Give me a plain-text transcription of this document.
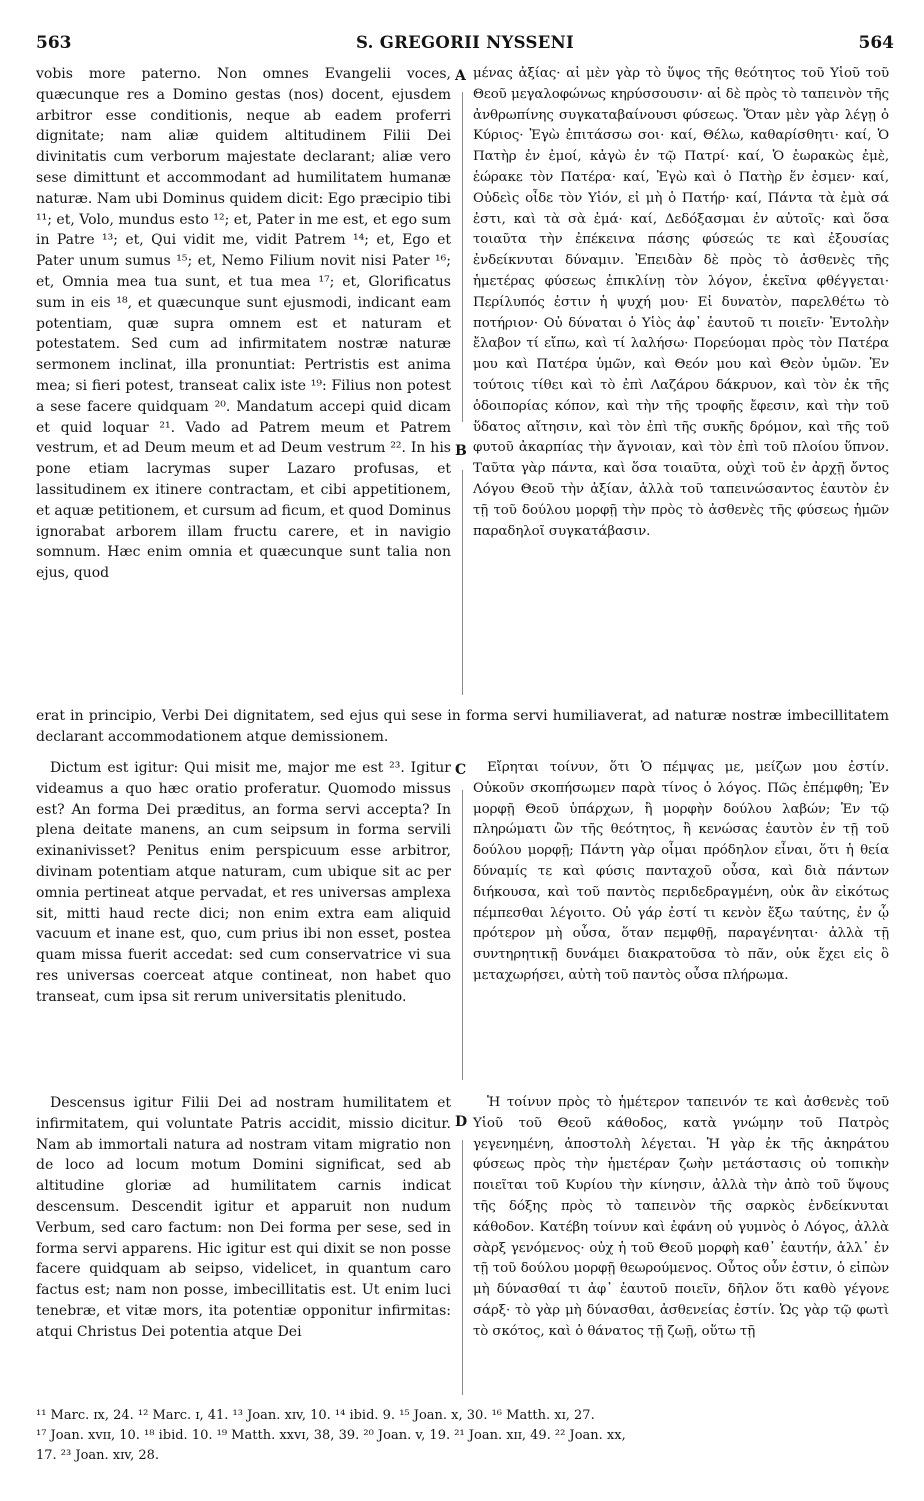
563	S. GREGORII NYSSENI	564

vobis more paterno. Non omnes Evangelii voces, quæcunque res a Domino gestas (nos) docent, ejusdem arbitror esse conditionis, neque ab eadem proferri dignitate; nam aliæ quidem altitudinem Filii Dei divinitatis cum verborum majestate declarant; aliæ vero sese dimittunt et accommodant ad humilitatem humanæ naturæ. Nam ubi Dominus quidem dicit: Ego præcipio tibi ¹¹; et, Volo, mundus esto ¹²; et, Pater in me est, et ego sum in Patre ¹³; et, Qui vidit me, vidit Patrem ¹⁴; et, Ego et Pater unum sumus ¹⁵; et, Nemo Filium novit nisi Pater ¹⁶; et, Omnia mea tua sunt, et tua mea ¹⁷; et, Glorificatus sum in eis ¹⁸, et quæcunque sunt ejusmodi, indicant eam potentiam, quæ supra omnem est et naturam et potestatem. Sed cum ad infirmitatem nostræ naturæ sermonem inclinat, illa pronuntiat: Pertristis est anima mea; si fieri potest, transeat calix iste ¹⁹: Filius non potest a sese facere quidquam ²⁰. Mandatum accepi quid dicam et quid loquar ²¹. Vado ad Patrem meum et Patrem vestrum, et ad Deum meum et ad Deum vestrum ²². In his pone etiam lacrymas super Lazaro profusas, et lassitudinem ex itinere contractam, et cibi appetitionem, et aquæ petitionem, et cursum ad ficum, et quod Dominus ignorabat arborem illam fructu carere, et in navigio somnum. Hæc enim omnia et quæcunque sunt talia non ejus, quod

μένας ἀξίας· αἱ μὲν γὰρ τὸ ὕψος τῆς θεότητος τοῦ Υἱοῦ τοῦ Θεοῦ μεγαλοφώνως κηρύσσουσιν· αἱ δὲ πρὸς τὸ ταπεινὸν τῆς ἀνθρωπίνης συγκαταβαίνουσι φύσεως. Ὅταν μὲν γὰρ λέγῃ ὁ Κύριος· Ἐγὼ ἐπιτάσσω σοι· καί, Θέλω, καθαρίσθητι· καί, Ὁ Πατὴρ ἐν ἐμοί, κἀγὼ ἐν τῷ Πατρί· καί, Ὁ ἑωρακὼς ἐμὲ, ἑώρακε τὸν Πατέρα· καί, Ἐγὼ καὶ ὁ Πατὴρ ἕν ἐσμεν· καί, Οὐδεὶς οἶδε τὸν Υἱόν, εἰ μὴ ὁ Πατήρ· καί, Πάντα τὰ ἐμὰ σά ἐστι, καὶ τὰ σὰ ἐμά· καί, Δεδόξασμαι ἐν αὐτοῖς· καὶ ὅσα τοιαῦτα τὴν ἐπέκεινα πάσης φύσεώς τε καὶ ἐξουσίας ἐνδείκνυται δύναμιν. Ἐπειδὰν δὲ πρὸς τὸ ἀσθενὲς τῆς ἡμετέρας φύσεως ἐπικλίνῃ τὸν λόγον, ἐκεῖνα φθέγγεται· Περίλυπός ἐστιν ἡ ψυχή μου· Εἰ δυνατὸν, παρελθέτω τὸ ποτήριον· Οὐ δύναται ὁ Υἱὸς ἀφ᾽ ἑαυτοῦ τι ποιεῖν· Ἐντολὴν ἔλαβον τί εἴπω, καὶ τί λαλήσω· Πορεύομαι πρὸς τὸν Πατέρα μου καὶ Πατέρα ὑμῶν, καὶ Θεόν μου καὶ Θεὸν ὑμῶν. Ἐν τούτοις τίθει καὶ τὸ ἐπὶ Λαζάρου δάκρυον, καὶ τὸν ἐκ τῆς ὁδοιπορίας κόπον, καὶ τὴν τῆς τροφῆς ἔφεσιν, καὶ τὴν τοῦ ὕδατος αἴτησιν, καὶ τὸν ἐπὶ τῆς συκῆς δρόμον, καὶ τῆς τοῦ φυτοῦ ἀκαρπίας τὴν ἄγνοιαν, καὶ τὸν ἐπὶ τοῦ πλοίου ὕπνον. Ταῦτα γὰρ πάντα, καὶ ὅσα τοιαῦτα, οὐχὶ τοῦ ἐν ἀρχῇ ὄντος Λόγου Θεοῦ τὴν ἀξίαν, ἀλλὰ τοῦ ταπεινώσαντος ἑαυτὸν ἐν τῇ τοῦ δούλου μορφῇ τὴν πρὸς τὸ ἀσθενὲς τῆς φύσεως ἡμῶν παραδηλοῖ συγκατάβασιν.

erat in principio, Verbi Dei dignitatem, sed ejus qui sese in forma servi humiliaverat, ad naturæ nostræ imbecillitatem declarant accommodationem atque demissionem.

Dictum est igitur: Qui misit me, major me est ²³. Igitur videamus a quo hæc oratio proferatur. Quomodo missus est? An forma Dei præditus, an forma servi accepta? In plena deitate manens, an cum seipsum in forma servili exinanivisset? Penitus enim perspicuum esse arbitror, divinam potentiam atque naturam, cum ubique sit ac per omnia pertineat atque pervadat, et res universas amplexa sit, mitti haud recte dici; non enim extra eam aliquid vacuum et inane est, quo, cum prius ibi non esset, postea quam missa fuerit accedat: sed cum conservatrice vi sua res universas coerceat atque contineat, non habet quo transeat, cum ipsa sit rerum universitatis plenitudo.

Εἴρηται τοίνυν, ὅτι Ὁ πέμψας με, μείζων μου ἐστίν. Οὐκοῦν σκοπήσωμεν παρὰ τίνος ὁ λόγος. Πῶς ἐπέμφθη; Ἐν μορφῇ Θεοῦ ὑπάρχων, ἢ μορφὴν δούλου λαβών; Ἐν τῷ πληρώματι ὢν τῆς θεότητος, ἢ κενώσας ἑαυτὸν ἐν τῇ τοῦ δούλου μορφῇ; Πάντη γὰρ οἶμαι πρόδηλον εἶναι, ὅτι ἡ θεία δύναμίς τε καὶ φύσις πανταχοῦ οὖσα, καὶ διὰ πάντων διήκουσα, καὶ τοῦ παντὸς περιδεδραγμένη, οὐκ ἂν εἰκότως πέμπεσθαι λέγοιτο. Οὐ γάρ ἐστί τι κενὸν ἔξω ταύτης, ἐν ᾧ πρότερον μὴ οὖσα, ὅταν πεμφθῇ, παραγένηται· ἀλλὰ τῇ συντηρητικῇ δυνάμει διακρατοῦσα τὸ πᾶν, οὐκ ἔχει εἰς ὃ μεταχωρήσει, αὐτὴ τοῦ παντὸς οὖσα πλήρωμα.

Descensus igitur Filii Dei ad nostram humilitatem et infirmitatem, qui voluntate Patris accidit, missio dicitur. Nam ab immortali natura ad nostram vitam migratio non de loco ad locum motum Domini significat, sed ab altitudine gloriæ ad humilitatem carnis indicat descensum. Descendit igitur et apparuit non nudum Verbum, sed caro factum: non Dei forma per sese, sed in forma servi apparens. Hic igitur est qui dixit se non posse facere quidquam ab seipso, videlicet, in quantum caro factus est; nam non posse, imbecillitatis est. Ut enim luci tenebræ, et vitæ mors, ita potentiæ opponitur infirmitas: atqui Christus Dei potentia atque Dei

Ἡ τοίνυν πρὸς τὸ ἡμέτερον ταπεινόν τε καὶ ἀσθενὲς τοῦ Υἱοῦ τοῦ Θεοῦ κάθοδος, κατὰ γνώμην τοῦ Πατρὸς γεγενημένη, ἀποστολὴ λέγεται. Ἡ γὰρ ἐκ τῆς ἀκηράτου φύσεως πρὸς τὴν ἡμετέραν ζωὴν μετάστασις οὐ τοπικὴν ποιεῖται τοῦ Κυρίου τὴν κίνησιν, ἀλλὰ τὴν ἀπὸ τοῦ ὕψους τῆς δόξης πρὸς τὸ ταπεινὸν τῆς σαρκὸς ἐνδείκνυται κάθοδον. Κατέβη τοίνυν καὶ ἐφάνη οὐ γυμνὸς ὁ Λόγος, ἀλλὰ σὰρξ γενόμενος· οὐχ ἡ τοῦ Θεοῦ μορφὴ καθ᾽ ἑαυτήν, ἀλλ᾽ ἐν τῇ τοῦ δούλου μορφῇ θεωρούμενος. Οὗτος οὖν ἐστιν, ὁ εἰπὼν μὴ δύνασθαί τι ἀφ᾽ ἑαυτοῦ ποιεῖν, δῆλον ὅτι καθὸ γέγονε σάρξ· τὸ γὰρ μὴ δύνασθαι, ἀσθενείας ἐστίν. Ὡς γὰρ τῷ φωτὶ τὸ σκότος, καὶ ὁ θάνατος τῇ ζωῇ, οὕτω τῇ

A
B
C
D
¹¹ Marc. ɪx, 24. ¹² Marc. ɪ, 41. ¹³ Joan. xɪv, 10. ¹⁴ ibid. 9. ¹⁵ Joan. x, 30. ¹⁶ Matth. xɪ, 27.
¹⁷ Joan. xvɪɪ, 10. ¹⁸ ibid. 10. ¹⁹ Matth. xxvɪ, 38, 39. ²⁰ Joan. v, 19. ²¹ Joan. xɪɪ, 49. ²² Joan. xx,
17. ²³ Joan. xɪv, 28.
